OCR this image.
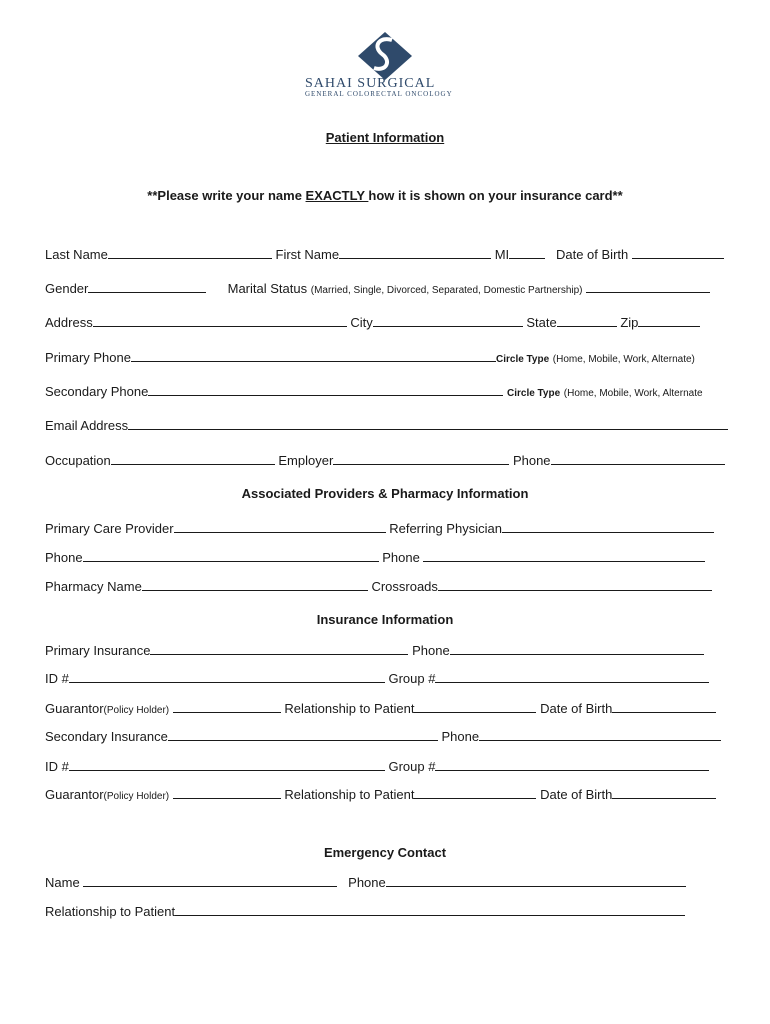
SAHAI SURGICAL
GENERAL COLORECTAL ONCOLOGY
Patient Information
**Please write your name EXACTLY how it is shown on your insurance card**
Last Name	First Name	MI	Date of Birth
Gender	Marital Status (Married, Single, Divorced, Separated, Domestic Partnership)
Address	City	State	Zip
Primary Phone	Circle Type (Home, Mobile, Work, Alternate)
Secondary Phone	Circle Type (Home, Mobile, Work, Alternate
Email Address
Occupation	Employer	Phone
Associated Providers & Pharmacy Information
Primary Care Provider	Referring Physician
Phone	Phone
Pharmacy Name	Crossroads
Insurance Information
Primary Insurance	Phone
ID #	Group #
Guarantor(Policy Holder)	Relationship to Patient	Date of Birth
Secondary Insurance	Phone
ID #	Group #
Guarantor(Policy Holder)	Relationship to Patient	Date of Birth
Emergency Contact
Name	Phone
Relationship to Patient
